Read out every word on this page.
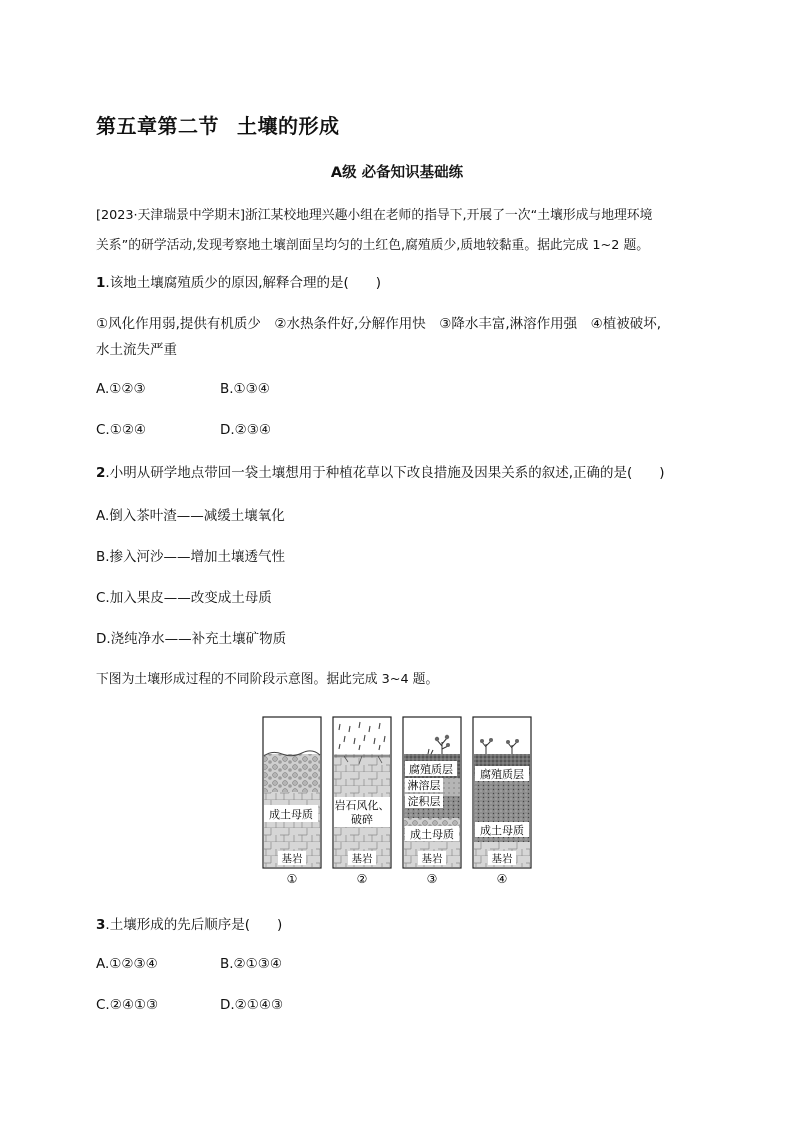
第五章第二节 土壤的形成
A级 必备知识基础练
[2023·天津瑞景中学期末]浙江某校地理兴趣小组在老师的指导下,开展了一次“土壤形成与地理环境
关系”的研学活动,发现考察地土壤剖面呈均匀的土红色,腐殖质少,质地较黏重。据此完成 1~2 题。
1.该地土壤腐殖质少的原因,解释合理的是(　　)
①风化作用弱,提供有机质少　②水热条件好,分解作用快　③降水丰富,淋溶作用强　④植被破坏,
水土流失严重
A.①②③	B.①③④
C.①②④	D.②③④
2.小明从研学地点带回一袋土壤想用于种植花草以下改良措施及因果关系的叙述,正确的是(　　)
A.倒入茶叶渣——减缓土壤氧化
B.掺入河沙——增加土壤透气性
C.加入果皮——改变成土母质
D.浇纯净水——补充土壤矿物质
下图为土壤形成过程的不同阶段示意图。据此完成 3~4 题。
成土母质
基岩
①
岩石风化、
破碎
基岩
②
腐殖质层
淋溶层
淀积层
成土母质
基岩
③
腐殖质层
成土母质
基岩
④
3.土壤形成的先后顺序是(　　)
A.①②③④	B.②①③④
C.②④①③	D.②①④③
